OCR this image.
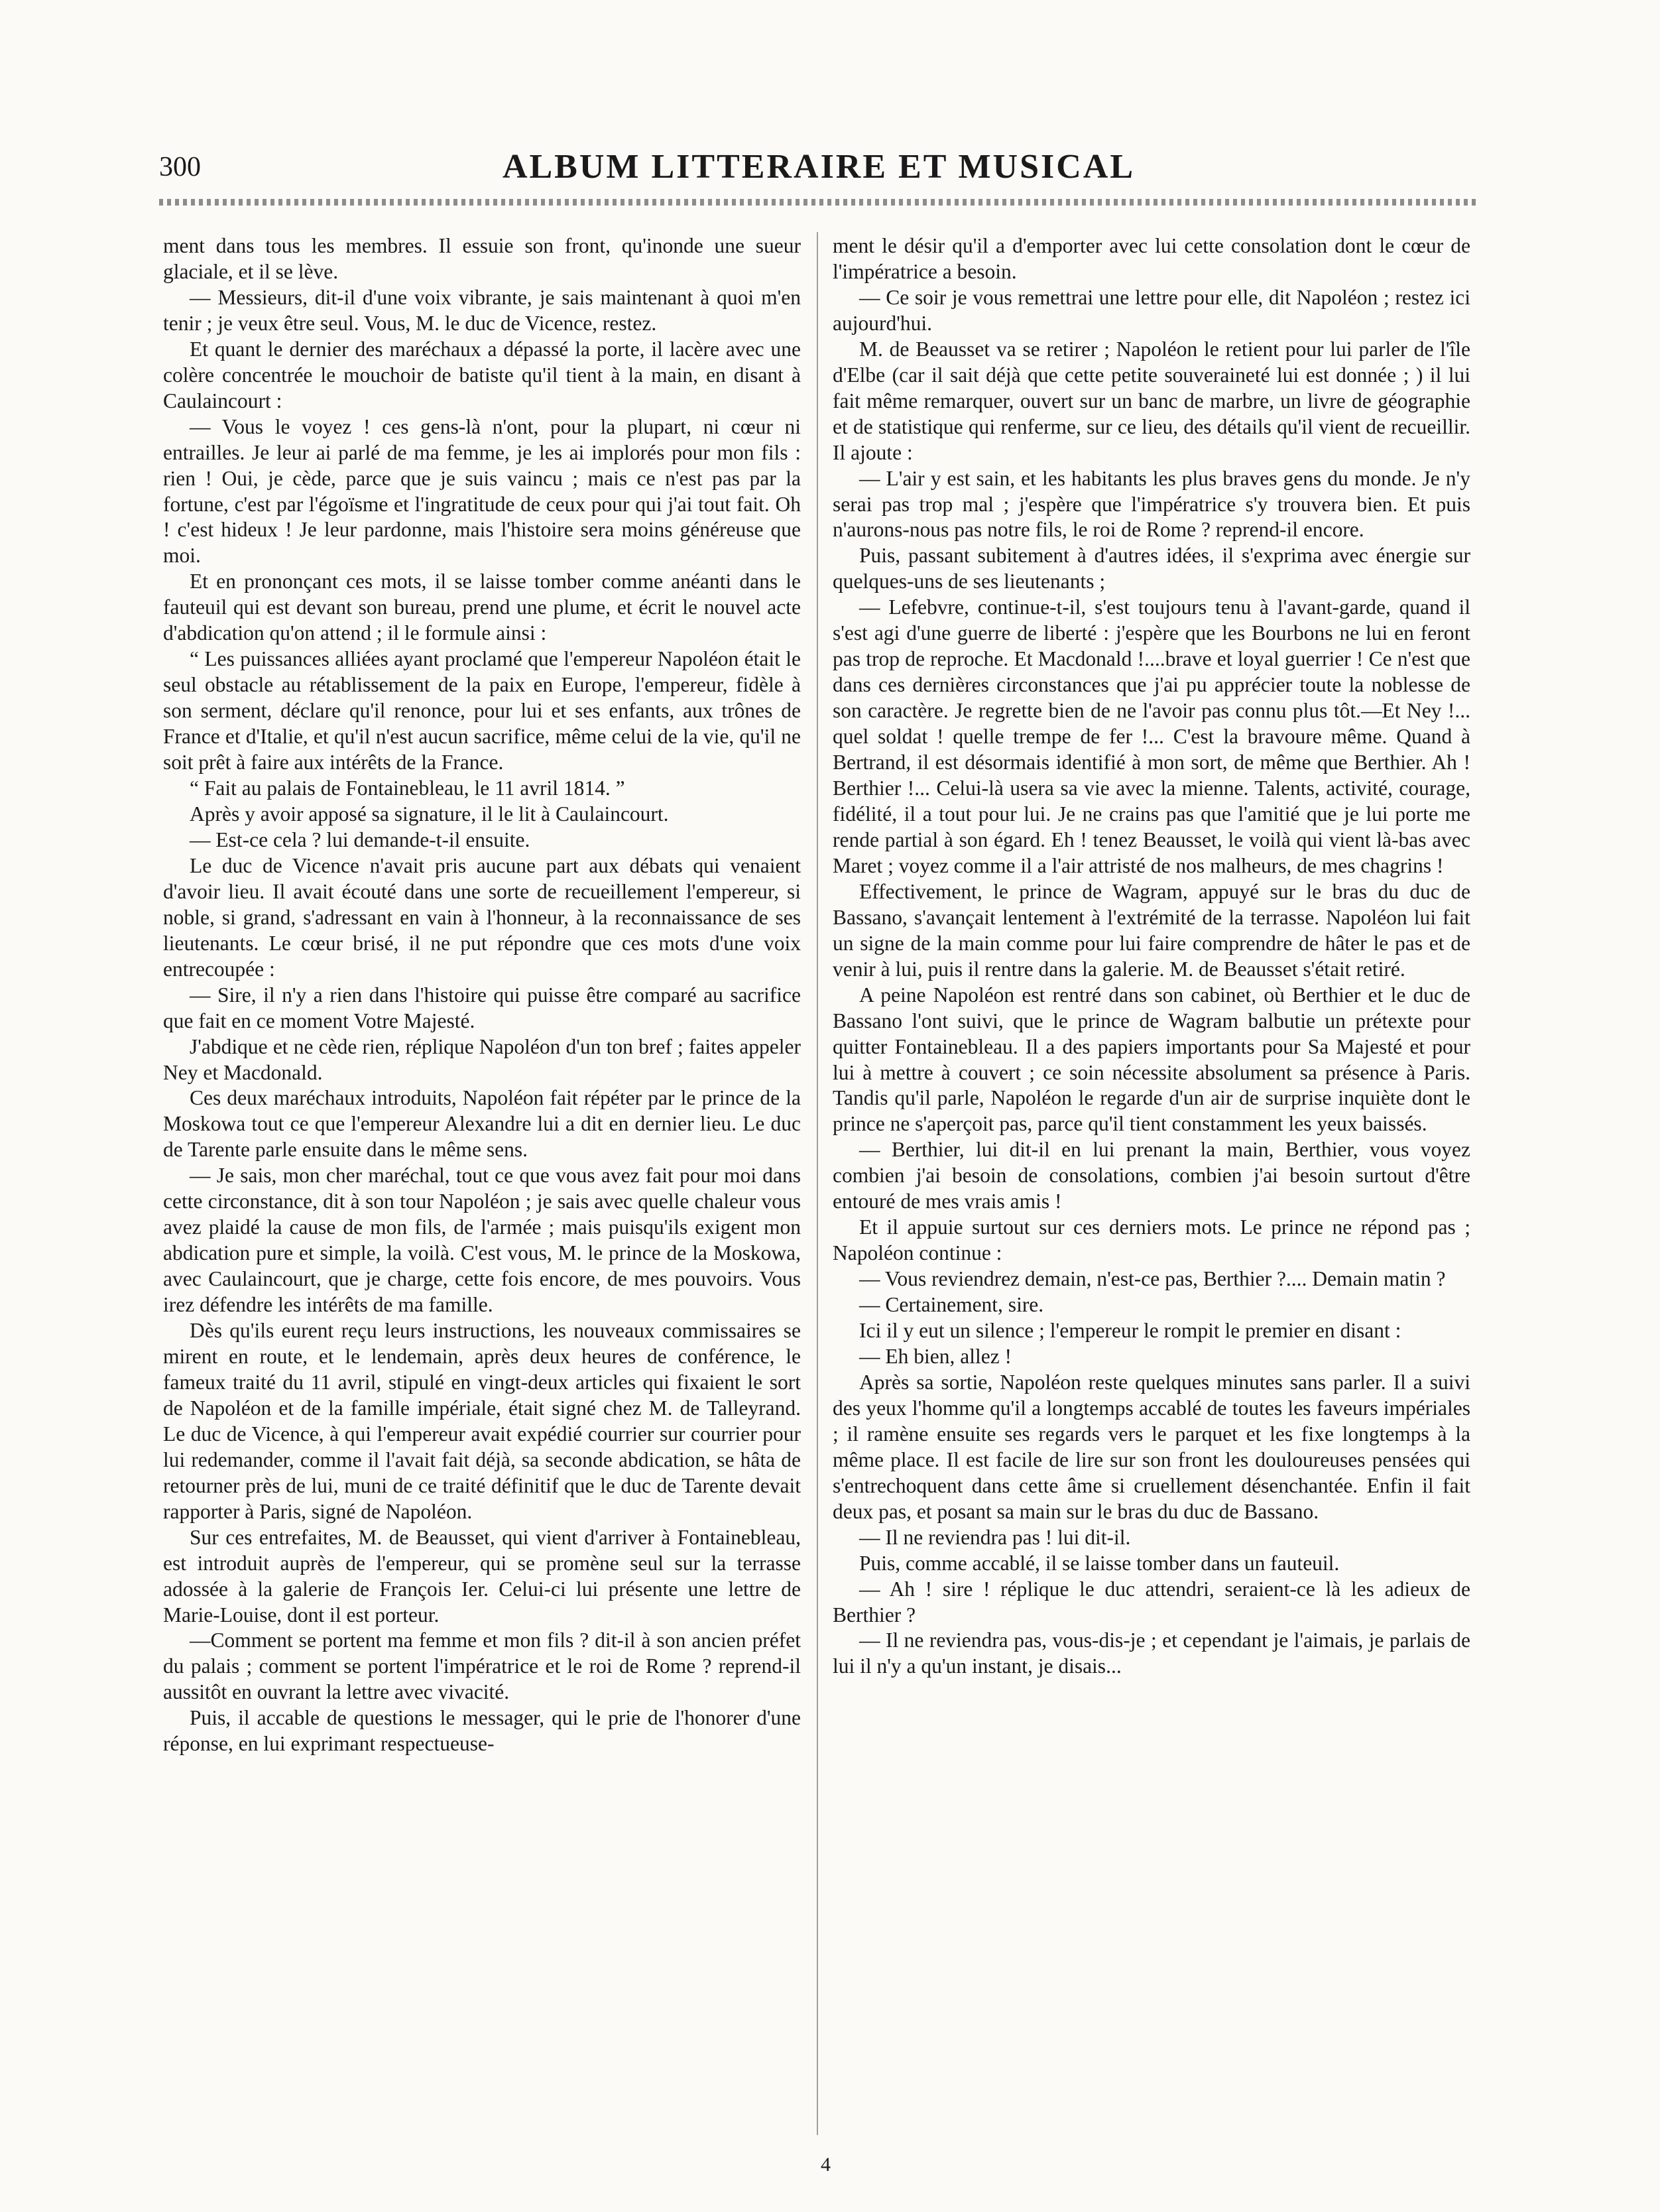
300	ALBUM LITTERAIRE ET MUSICAL

ment dans tous les membres. Il essuie son front, qu'inonde une sueur glaciale, et il se lève.

— Messieurs, dit-il d'une voix vibrante, je sais maintenant à quoi m'en tenir ; je veux être seul. Vous, M. le duc de Vicence, restez.

Et quant le dernier des maréchaux a dépassé la porte, il lacère avec une colère concentrée le mouchoir de batiste qu'il tient à la main, en disant à Caulaincourt :

— Vous le voyez ! ces gens-là n'ont, pour la plupart, ni cœur ni entrailles. Je leur ai parlé de ma femme, je les ai implorés pour mon fils : rien ! Oui, je cède, parce que je suis vaincu ; mais ce n'est pas par la fortune, c'est par l'égoïsme et l'ingratitude de ceux pour qui j'ai tout fait. Oh ! c'est hideux ! Je leur pardonne, mais l'histoire sera moins généreuse que moi.

Et en prononçant ces mots, il se laisse tomber comme anéanti dans le fauteuil qui est devant son bureau, prend une plume, et écrit le nouvel acte d'abdication qu'on attend ; il le formule ainsi :

“ Les puissances alliées ayant proclamé que l'empereur Napoléon était le seul obstacle au rétablissement de la paix en Europe, l'empereur, fidèle à son serment, déclare qu'il renonce, pour lui et ses enfants, aux trônes de France et d'Italie, et qu'il n'est aucun sacrifice, même celui de la vie, qu'il ne soit prêt à faire aux intérêts de la France.

“ Fait au palais de Fontainebleau, le 11 avril 1814. ”

Après y avoir apposé sa signature, il le lit à Caulaincourt.

— Est-ce cela ? lui demande-t-il ensuite.

Le duc de Vicence n'avait pris aucune part aux débats qui venaient d'avoir lieu. Il avait écouté dans une sorte de recueillement l'empereur, si noble, si grand, s'adressant en vain à l'honneur, à la reconnaissance de ses lieutenants. Le cœur brisé, il ne put répondre que ces mots d'une voix entrecoupée :

— Sire, il n'y a rien dans l'histoire qui puisse être comparé au sacrifice que fait en ce moment Votre Majesté.

J'abdique et ne cède rien, réplique Napoléon d'un ton bref ; faites appeler Ney et Macdonald.

Ces deux maréchaux introduits, Napoléon fait répéter par le prince de la Moskowa tout ce que l'empereur Alexandre lui a dit en dernier lieu. Le duc de Tarente parle ensuite dans le même sens.

— Je sais, mon cher maréchal, tout ce que vous avez fait pour moi dans cette circonstance, dit à son tour Napoléon ; je sais avec quelle chaleur vous avez plaidé la cause de mon fils, de l'armée ; mais puisqu'ils exigent mon abdication pure et simple, la voilà. C'est vous, M. le prince de la Moskowa, avec Caulaincourt, que je charge, cette fois encore, de mes pouvoirs. Vous irez défendre les intérêts de ma famille.

Dès qu'ils eurent reçu leurs instructions, les nouveaux commissaires se mirent en route, et le lendemain, après deux heures de conférence, le fameux traité du 11 avril, stipulé en vingt-deux articles qui fixaient le sort de Napoléon et de la famille impériale, était signé chez M. de Talleyrand. Le duc de Vicence, à qui l'empereur avait expédié courrier sur courrier pour lui redemander, comme il l'avait fait déjà, sa seconde abdication, se hâta de retourner près de lui, muni de ce traité définitif que le duc de Tarente devait rapporter à Paris, signé de Napoléon.

Sur ces entrefaites, M. de Beausset, qui vient d'arriver à Fontainebleau, est introduit auprès de l'empereur, qui se promène seul sur la terrasse adossée à la galerie de François Ier. Celui-ci lui présente une lettre de Marie-Louise, dont il est porteur.

—Comment se portent ma femme et mon fils ? dit-il à son ancien préfet du palais ; comment se portent l'impératrice et le roi de Rome ? reprend-il aussitôt en ouvrant la lettre avec vivacité.

Puis, il accable de questions le messager, qui le prie de l'honorer d'une réponse, en lui exprimant respectueuse-

ment le désir qu'il a d'emporter avec lui cette consolation dont le cœur de l'impératrice a besoin.

— Ce soir je vous remettrai une lettre pour elle, dit Napoléon ; restez ici aujourd'hui.

M. de Beausset va se retirer ; Napoléon le retient pour lui parler de l'île d'Elbe (car il sait déjà que cette petite souveraineté lui est donnée ; ) il lui fait même remarquer, ouvert sur un banc de marbre, un livre de géographie et de statistique qui renferme, sur ce lieu, des détails qu'il vient de recueillir. Il ajoute :

— L'air y est sain, et les habitants les plus braves gens du monde. Je n'y serai pas trop mal ; j'espère que l'impératrice s'y trouvera bien. Et puis n'aurons-nous pas notre fils, le roi de Rome ? reprend-il encore.

Puis, passant subitement à d'autres idées, il s'exprima avec énergie sur quelques-uns de ses lieutenants ;

— Lefebvre, continue-t-il, s'est toujours tenu à l'avant-garde, quand il s'est agi d'une guerre de liberté : j'espère que les Bourbons ne lui en feront pas trop de reproche. Et Macdonald !....brave et loyal guerrier ! Ce n'est que dans ces dernières circonstances que j'ai pu apprécier toute la noblesse de son caractère. Je regrette bien de ne l'avoir pas connu plus tôt.—Et Ney !... quel soldat ! quelle trempe de fer !... C'est la bravoure même. Quand à Bertrand, il est désormais identifié à mon sort, de même que Berthier. Ah ! Berthier !... Celui-là usera sa vie avec la mienne. Talents, activité, courage, fidélité, il a tout pour lui. Je ne crains pas que l'amitié que je lui porte me rende partial à son égard. Eh ! tenez Beausset, le voilà qui vient là-bas avec Maret ; voyez comme il a l'air attristé de nos malheurs, de mes chagrins !

Effectivement, le prince de Wagram, appuyé sur le bras du duc de Bassano, s'avançait lentement à l'extrémité de la terrasse. Napoléon lui fait un signe de la main comme pour lui faire comprendre de hâter le pas et de venir à lui, puis il rentre dans la galerie. M. de Beausset s'était retiré.

A peine Napoléon est rentré dans son cabinet, où Berthier et le duc de Bassano l'ont suivi, que le prince de Wagram balbutie un prétexte pour quitter Fontainebleau. Il a des papiers importants pour Sa Majesté et pour lui à mettre à couvert ; ce soin nécessite absolument sa présence à Paris. Tandis qu'il parle, Napoléon le regarde d'un air de surprise inquiète dont le prince ne s'aperçoit pas, parce qu'il tient constamment les yeux baissés.

— Berthier, lui dit-il en lui prenant la main, Berthier, vous voyez combien j'ai besoin de consolations, combien j'ai besoin surtout d'être entouré de mes vrais amis !

Et il appuie surtout sur ces derniers mots. Le prince ne répond pas ; Napoléon continue :

— Vous reviendrez demain, n'est-ce pas, Berthier ?.... Demain matin ?

— Certainement, sire.

Ici il y eut un silence ; l'empereur le rompit le premier en disant :

— Eh bien, allez !

Après sa sortie, Napoléon reste quelques minutes sans parler. Il a suivi des yeux l'homme qu'il a longtemps accablé de toutes les faveurs impériales ; il ramène ensuite ses regards vers le parquet et les fixe longtemps à la même place. Il est facile de lire sur son front les douloureuses pensées qui s'entrechoquent dans cette âme si cruellement désenchantée. Enfin il fait deux pas, et posant sa main sur le bras du duc de Bassano.

— Il ne reviendra pas ! lui dit-il.

Puis, comme accablé, il se laisse tomber dans un fauteuil.

— Ah ! sire ! réplique le duc attendri, seraient-ce là les adieux de Berthier ?

— Il ne reviendra pas, vous-dis-je ; et cependant je l'aimais, je parlais de lui il n'y a qu'un instant, je disais...

4
